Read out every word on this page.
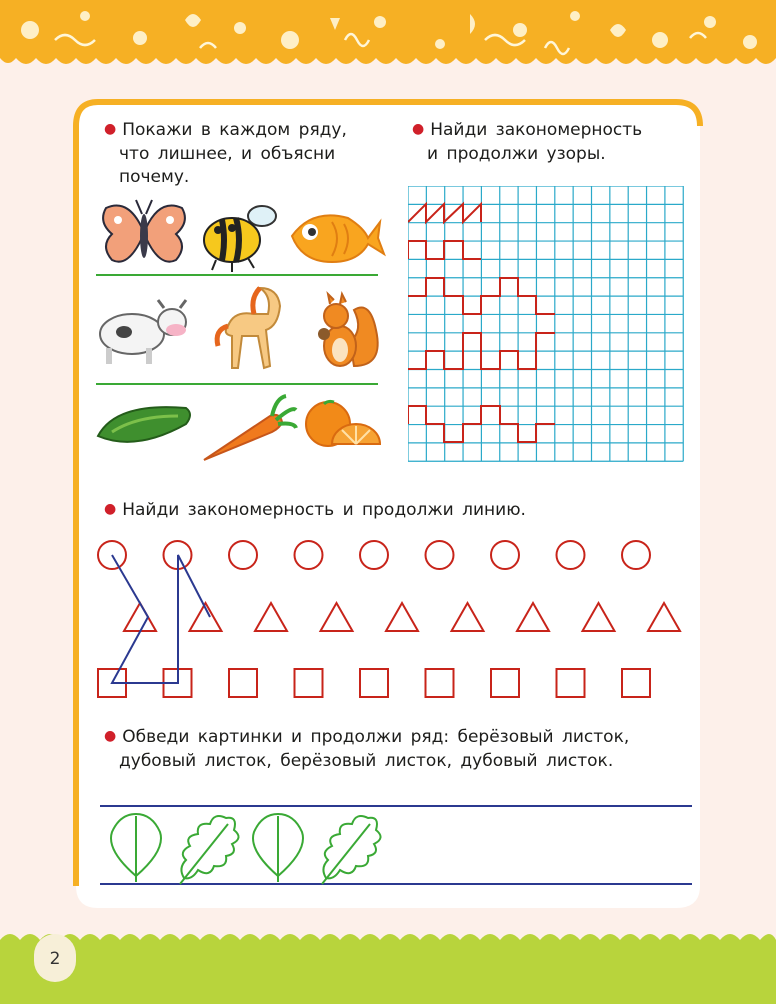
2
● Покажи в каждом ряду,
что лишнее, и объясни
почему.
● Найди закономерность
и продолжи узоры.
● Найди закономерность и продолжи линию.
● Обведи картинки и продолжи ряд: берёзовый листок,
дубовый листок, берёзовый листок, дубовый листок.
